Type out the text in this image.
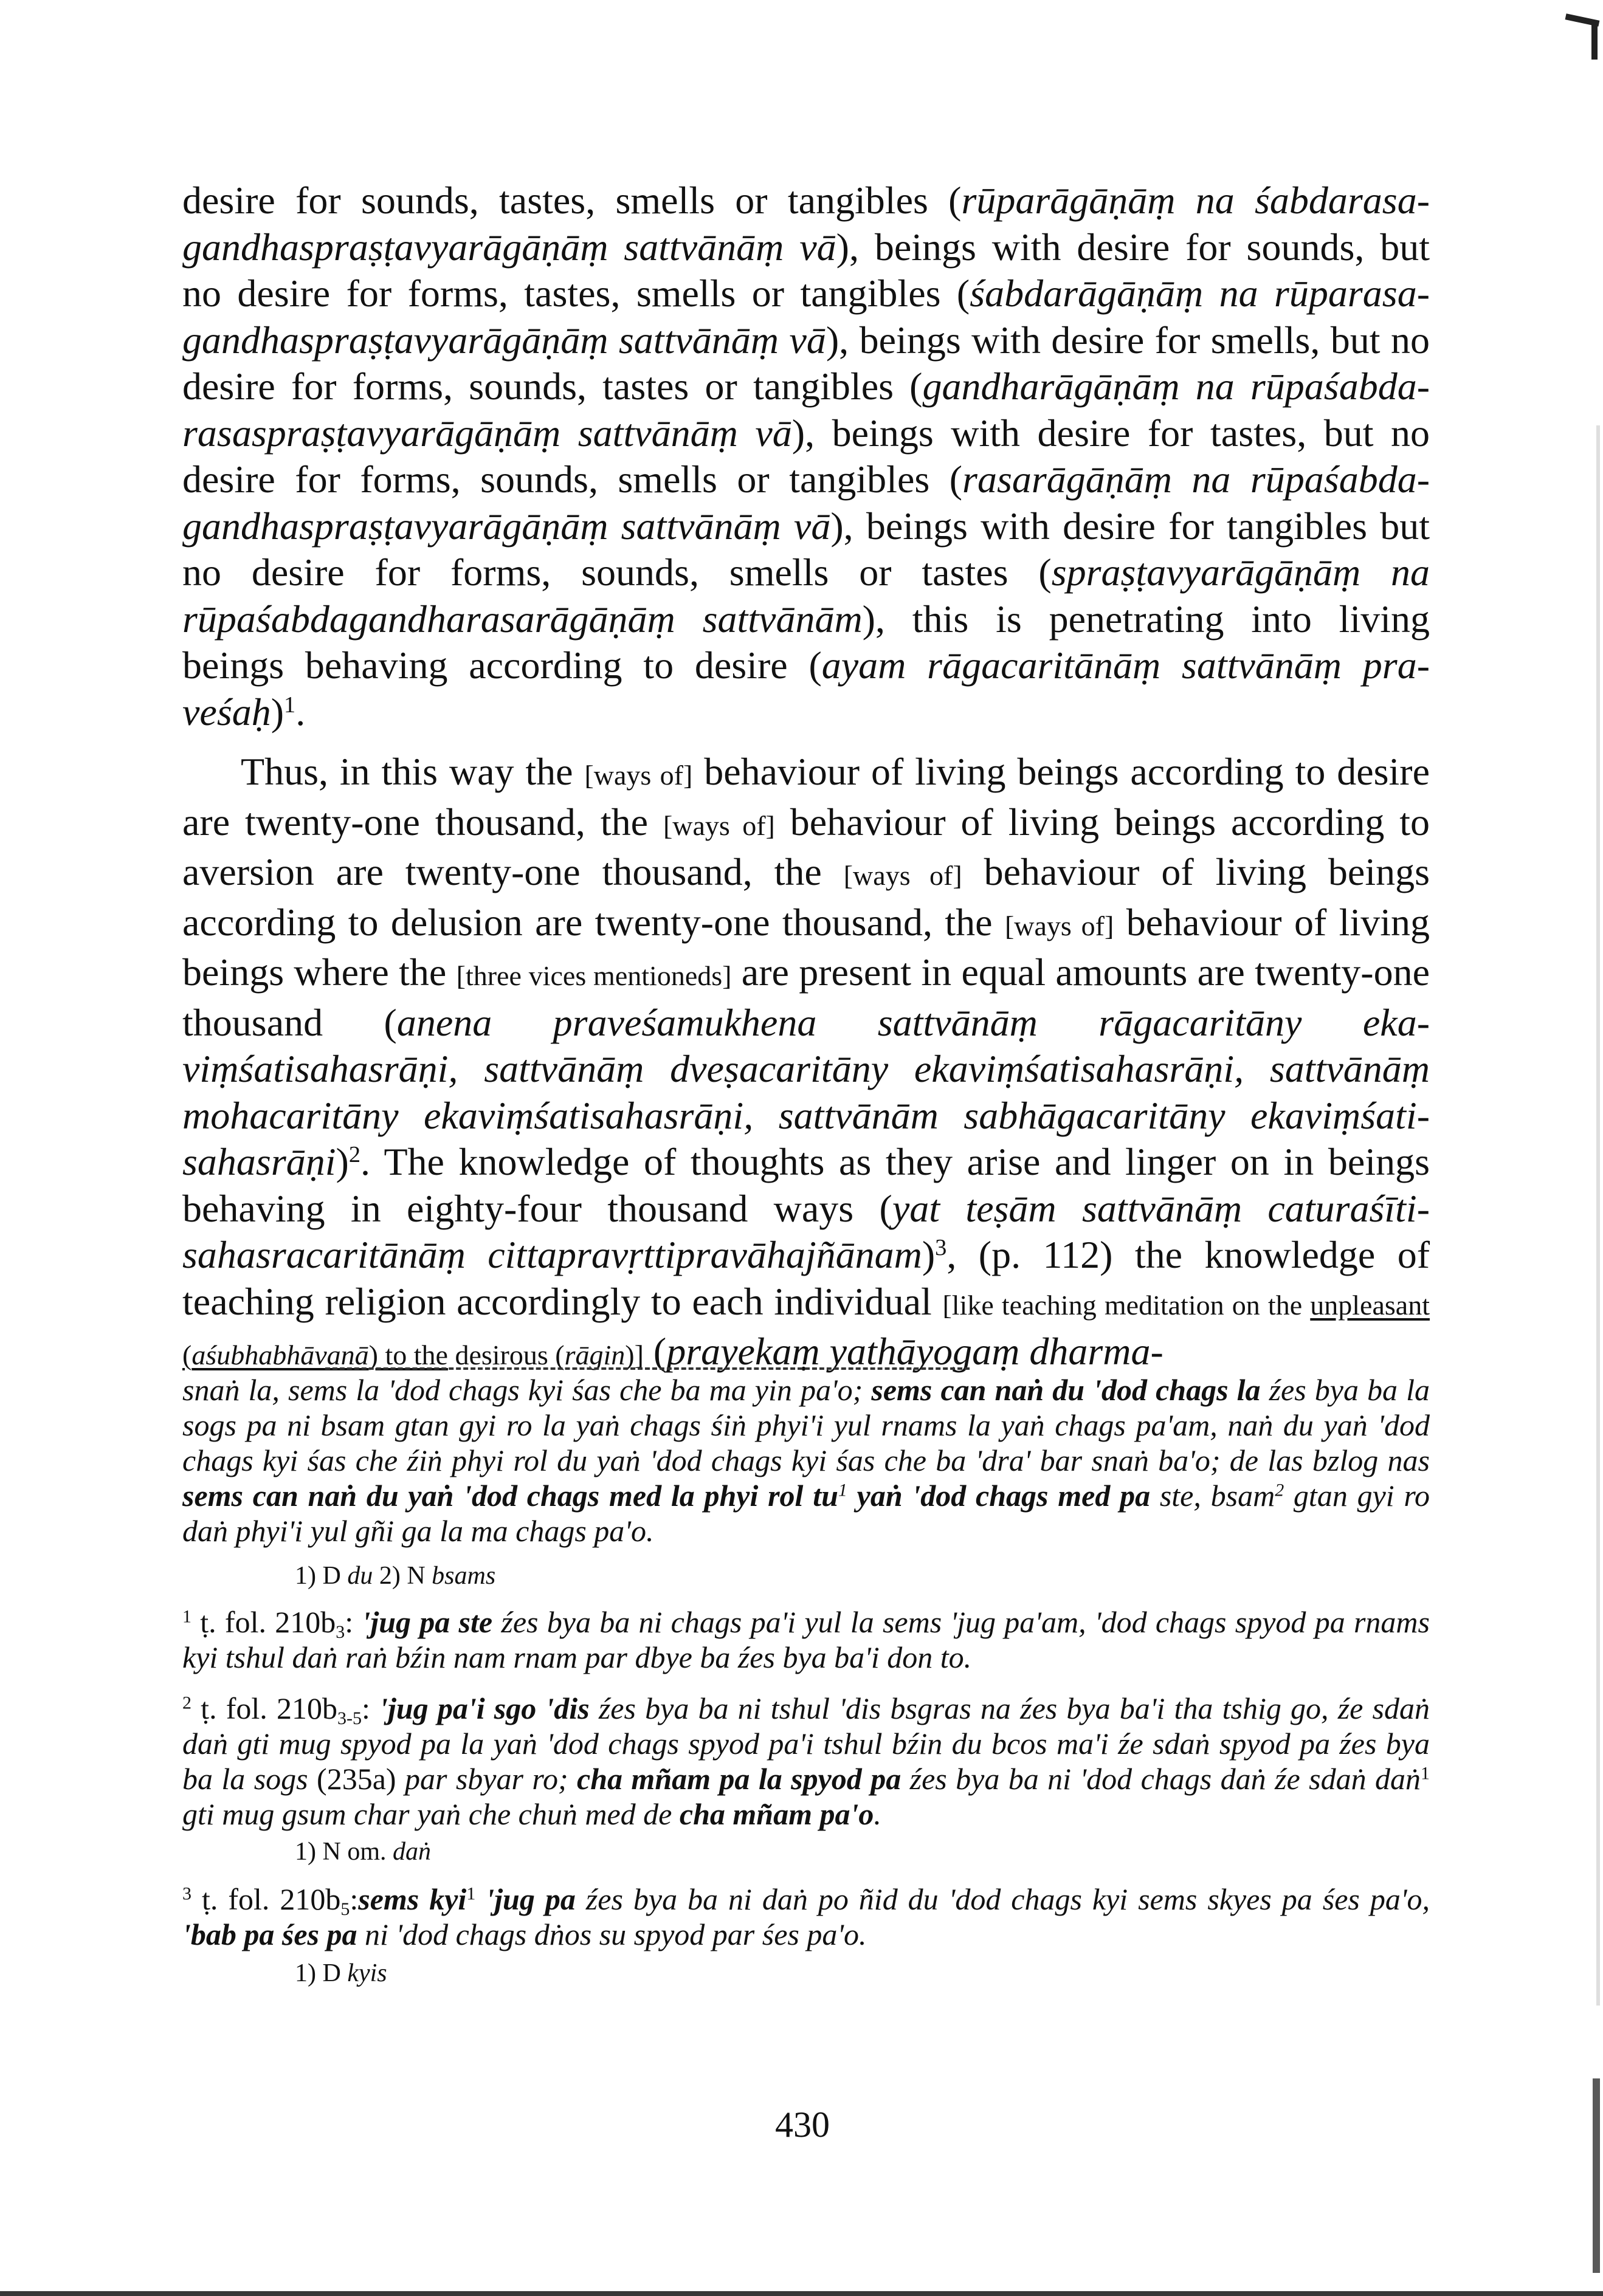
desire for sounds, tastes, smells or tangibles (rūparāgāṇāṃ na śabdarasa- gandhaspraṣṭavyarāgāṇāṃ sattvānāṃ vā), beings with desire for sounds, but no desire for forms, tastes, smells or tangibles (śabdarāgāṇāṃ na rūparasa- gandhaspraṣṭavyarāgāṇāṃ sattvānāṃ vā), beings with desire for smells, but no desire for forms, sounds, tastes or tangibles (gandharāgāṇāṃ na rūpaśabda- rasaspraṣṭavyarāgāṇāṃ sattvānāṃ vā), beings with desire for tastes, but no desire for forms, sounds, smells or tangibles (rasarāgāṇāṃ na rūpaśabda- gandhaspraṣṭavyarāgāṇāṃ sattvānāṃ vā), beings with desire for tangibles but no desire for forms, sounds, smells or tastes (spraṣṭavyarāgāṇāṃ na rūpaśabdagandharasarāgāṇāṃ sattvānām), this is penetrating into living beings behaving according to desire (ayam rāgacaritānāṃ sattvānāṃ pra- veśaḥ)$^1$.

Thus, in this way the [ways of] behaviour of living beings according to desire are twenty-one thousand, the [ways of] behaviour of living beings according to aversion are twenty-one thousand, the [ways of] behaviour of living beings according to delusion are twenty-one thousand, the [ways of] behaviour of living beings where the [three vices mentioneds] are present in equal amounts are twenty-one thousand (anena praveśamukhena sattvānāṃ rāgacaritāny eka-viṃśatisahasrāṇi, sattvānāṃ dveṣacaritāny ekaviṃśatisahasrāṇi, sattvānāṃ mohacaritāny ekaviṃśatisahasrāṇi, sattvānām sabhāgacaritāny ekaviṃśati-sahasrāṇi)$^2$. The knowledge of thoughts as they arise and linger on in beings behaving in eighty-four thousand ways (yat teṣām sattvānāṃ caturaśīti-sahasracaritānāṃ cittapravṛttipravāhajñānam)$^3$, (p. 112) the knowledge of teaching religion accordingly to each individual [like teaching meditation on the unpleasant (aśubhabhāvanā) to the desirous (rāgin)] (prayekaṃ yathāyogaṃ dharma-

snaṅ la, sems la 'dod chags kyi śas che ba ma yin pa'o; sems can naṅ du 'dod chags la źes bya ba la sogs pa ni bsam gtan gyi ro la yaṅ chags śiṅ phyi'i yul rnams la yaṅ chags pa'am, naṅ du yaṅ 'dod chags kyi śas che źiṅ phyi rol du yaṅ 'dod chags kyi śas che ba 'dra' bar snaṅ ba'o; de las bzlog nas sems can naṅ du yaṅ 'dod chags med la phyi rol $tu^1$ yaṅ 'dod chags med pa ste, bsam$^2$ gtan gyi ro daṅ phyi'i yul gñi ga la ma chags pa'o.

1) D du 2) N bsams

$^1$ ṭ. fol. $210b_3$: 'jug pa ste źes bya ba ni chags pa'i yul la sems 'jug pa'am, 'dod chags spyod pa rnams kyi tshul daṅ raṅ bźin nam rnam par dbye ba źes bya ba'i don to.

$^2$ ṭ. fol. $210b_{3-5}$: 'jug pa'i sgo 'dis źes bya ba ni tshul 'dis bsgras na źes bya ba'i tha tshig go, źe sdaṅ daṅ gti mug spyod pa la yaṅ 'dod chags spyod pa'i tshul bźin du bcos ma'i źe sdaṅ spyod pa źes bya ba la sogs (235a) par sbyar ro; cha mñam pa la spyod pa źes bya ba ni 'dod chags daṅ źe sdaṅ daṅ$^1$ gti mug gsum char yaṅ che chuṅ med de cha mñam pa'o.

1) N om. daṅ

$^3$ ṭ. fol. $210b_5:sems$ kyi$^1$ 'jug pa źes bya ba ni daṅ po ñid du 'dod chags kyi sems skyes pa śes pa'o, 'bab pa śes pa ni 'dod chags dṅos su spyod par śes pa'o.

1) D kyis
430
